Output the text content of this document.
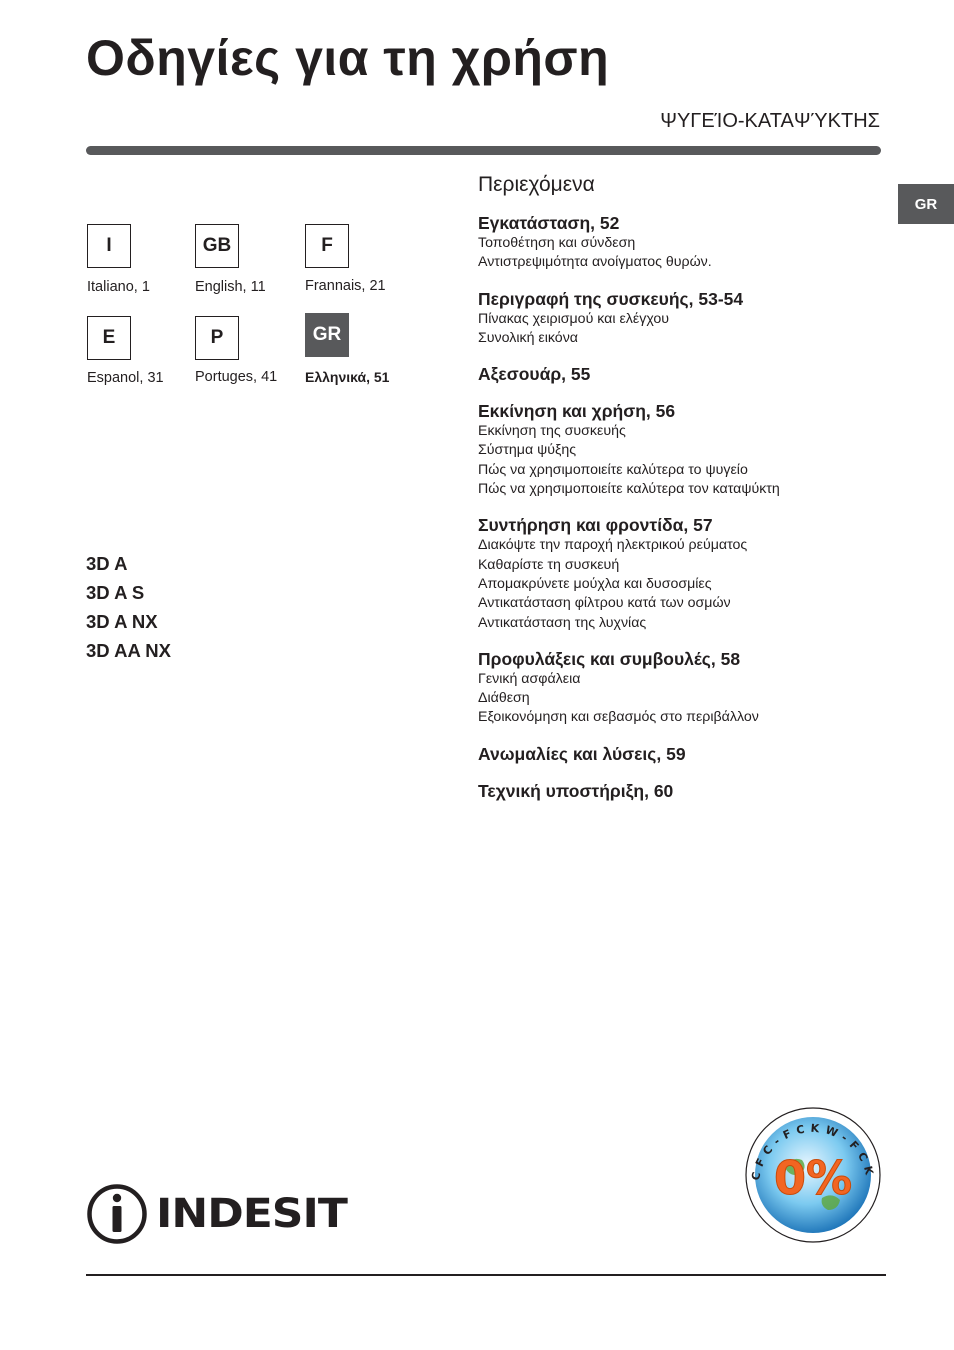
Οδηγίες για τη χρήση
ΨΥΓΕΊΟ-ΚΑΤΑΨΎΚΤΗΣ
GR
I
Italiano, 1
GB
English, 11
F
Frannais, 21
E
Espanol, 31
P
Portuges, 41
GR
Ελληνικά, 51
3D A
3D A S
3D A NX
3D AA NX
Περιεχόμενα
Εγκατάσταση, 52
Τοποθέτηση και σύνδεση
Αντιστρεψιμότητα ανοίγματος θυρών.
Περιγραφή της συσκευής, 53-54
Πίνακας χειρισμού και ελέγχου
Συνολική εικόνα
Αξεσουάρ, 55
Εκκίνηση και χρήση, 56
Εκκίνηση της συσκευής
Σύστημα ψύξης
Πώς να χρησιμοποιείτε καλύτερα το ψυγείο
Πώς να χρησιμοποιείτε καλύτερα τον καταψύκτη
Συντήρηση και φροντίδα, 57
Διακόψτε την παροχή ηλεκτρικού ρεύματος
Καθαρίστε τη συσκευή
Απομακρύνετε μούχλα και δυσοσμίες
Αντικατάσταση φίλτρου κατά των οσμών
Αντικατάσταση της λυχνίας
Προφυλάξεις και συμβουλές, 58
Γενική ασφάλεια
Διάθεση
Εξοικονόμηση και σεβασμός στο περιβάλλον
Ανωμαλίες και λύσεις, 59
Τεχνική υποστήριξη, 60
INDESIT
CFC-FCKW-FCK
0%
